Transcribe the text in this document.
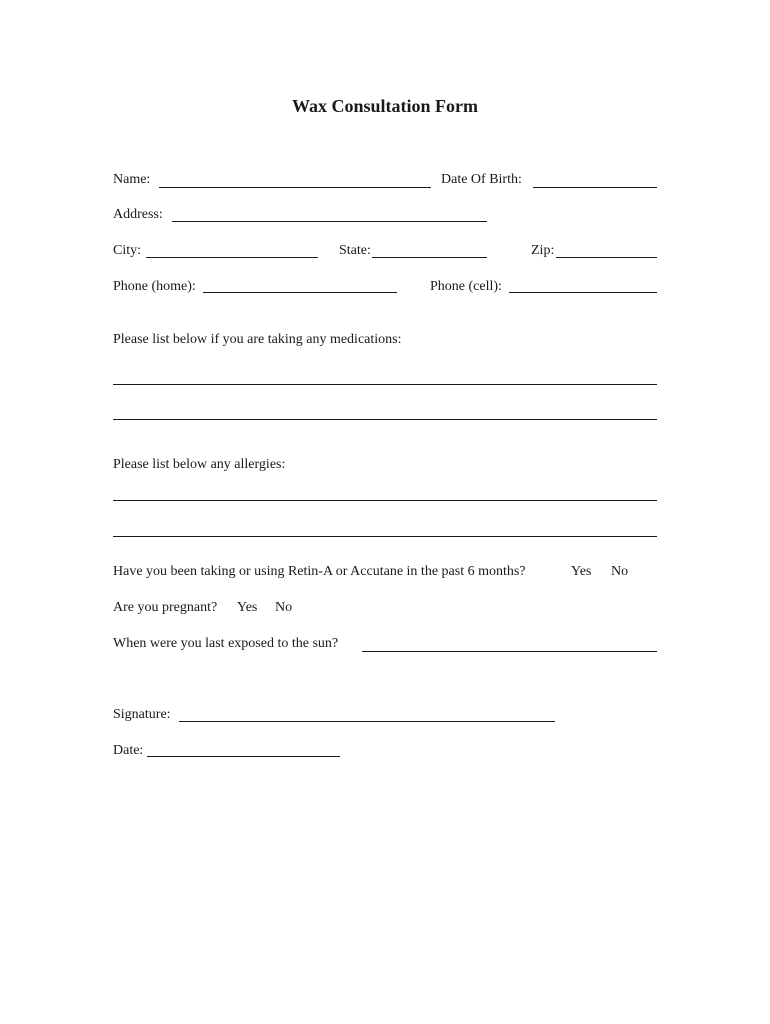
Wax Consultation Form
Name:	Date Of Birth:
Address:
City:	State:	Zip:
Phone (home):	Phone (cell):
Please list below if you are taking any medications:
Please list below any allergies:
Have you been taking or using Retin-A or Accutane in the past 6 months?	Yes No
Are you pregnant? Yes No
When were you last exposed to the sun?
Signature:
Date:
